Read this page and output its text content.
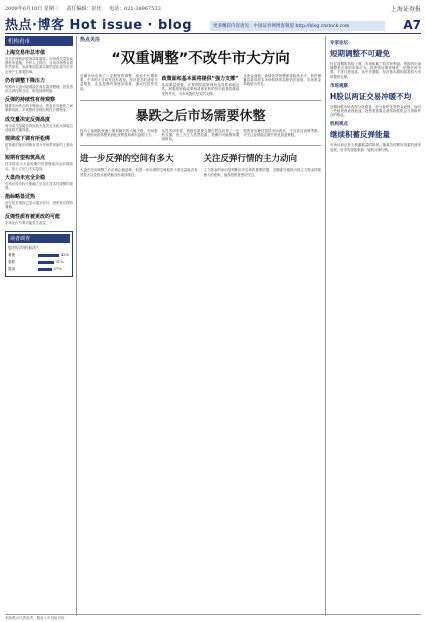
2009年6月10日 星期三 责任编辑：彭珏 电话：021-38967533
热点·博客 Hot issue · blog	更多精彩内容请见：中国证券网博客频道 http://blog.cnstock.com
上海证券报
A7
机构看市
上海交易所总市值

近日沪深两市股指持续震荡，市场成交量较前期有所萎缩。分析人士指出，目前市场资金面依然宽松，但政策面及基本面的变化将对后市走势产生重要影响。

仍有调整下降压力

短期内大盘可能继续在高位震荡整理，投资者应注意控制仓位，防范回调风险。

反弹的持续性有待观察

随着市场热点的不断轮动，资金在各板块之间频繁切换，市场整体呈现结构性行情特征。

成交量决定反弹高度

两市成交量能否持续放大是决定本轮反弹能否延续的关键因素。

规律或下调有所松绑

政策面的逐步明朗有望为市场带来新的上涨动力。

短期有望构筑高点

技术面显示大盘短期内有望继续冲击前期高点，但上方压力不容忽视。

大盘尚未完全企稳

市场在经历较大涨幅之后存在技术性调整的需要。

指标略显过热

部分技术指标已显示超买信号，投资者宜保持谨慎。

反弹性质有被更改的可能

市场运行节奏可能发生改变。

读者调查
您对后市的看法？
看涨	42%
看跌	31%
震荡	27%
热点关注
“双重调整”不改牛市大方向

近期市场出现了一定程度的调整，但从中长期来看，牛市的大方向并没有改变。经济复苏的迹象日益明显，企业盈利有望逐步改善，流动性依然充裕。

政策面和基本面将提供“强力支撑”

从政策层面看，宏观调控政策保持连续性和稳定性，积极的财政政策和适度宽松的货币政策将继续发挥作用，为市场提供坚实的支撑。

从资金面看，新增信贷规模保持较高水平，居民储蓄存款向资本市场转移的趋势仍在延续，市场资金供给较为充足。

暴跌之后市场需要休整

经历了前期的快速上涨和随后的大幅下跌，市场需要一段时间的休整来消化获利盘和套牢盘的压力。

从技术面来看，指数在重要支撑位附近获得了一定的支撑，但上方压力依然较重，短期内可能维持震荡格局。

投资者应理性看待市场波动，不宜盲目追涨杀跌，可关注业绩稳定增长的优质蓝筹股。

进一步反弹的空间有多大

大盘在经历调整之后出现企稳迹象，但进一步反弹的空间取决于成交量能否有效放大以及热点板块能否形成持续性。

关注反弹行情的主力动向

主力资金的动向是判断后市走势的重要依据，近期部分板块出现主力资金持续流入的迹象，值得投资者密切关注。

专家论坛
短期调整不可避免

经过前期的持续上涨，市场积累了较多获利盘，短期内出现调整是正常的市场行为。投资者应保持理性，把握市场节奏，不宜过度追高。从中长期看，经济基本面的改善将为市场提供支撑。

市场观察
H股以两证交易冲暖不均

近期H股市场表现分化明显，部分板块受到资金追捧，而另一些板块则表现低迷，投资者需要注意结构性机会与风险并存的格局。

机构视点
继续积蓄反弹能量

市场目前正处于积蓄能量的阶段，随着各项利好因素的逐步显现，后市有望迎来新一轮的反弹行情。

本版观点仅供参考，据此入市风险自担
